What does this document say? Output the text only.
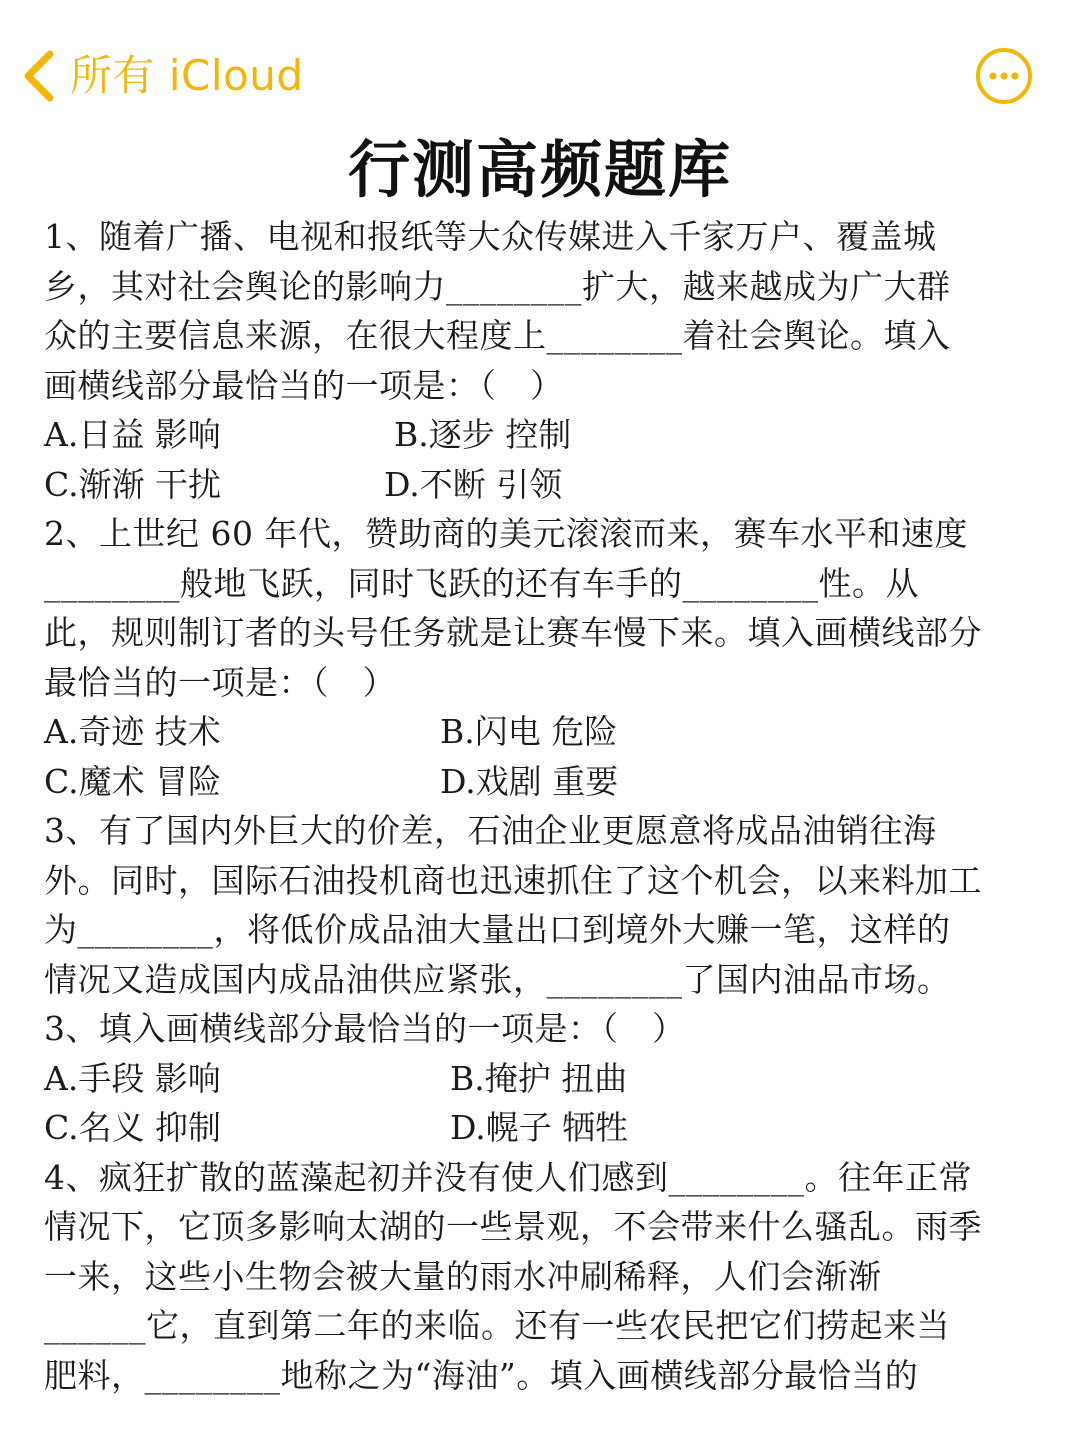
所有 iCloud
行测高频题库
1、随着广播、电视和报纸等大众传媒进入千家万户、覆盖城
乡，其对社会舆论的影响力________扩大，越来越成为广大群
众的主要信息来源，在很大程度上________着社会舆论。填入
画横线部分最恰当的一项是：（　）
A.日益 影响	B.逐步 控制
C.渐渐 干扰	D.不断 引领
2、上世纪 60 年代，赞助商的美元滚滚而来，赛车水平和速度
________般地飞跃，同时飞跃的还有车手的________性。从
此，规则制订者的头号任务就是让赛车慢下来。填入画横线部分
最恰当的一项是：（　）
A.奇迹 技术	B.闪电 危险
C.魔术 冒险	D.戏剧 重要
3、有了国内外巨大的价差，石油企业更愿意将成品油销往海
外。同时，国际石油投机商也迅速抓住了这个机会，以来料加工
为________，将低价成品油大量出口到境外大赚一笔，这样的
情况又造成国内成品油供应紧张，________了国内油品市场。
3、填入画横线部分最恰当的一项是：（　）
A.手段 影响	B.掩护 扭曲
C.名义 抑制	D.幌子 牺牲
4、疯狂扩散的蓝藻起初并没有使人们感到________。往年正常
情况下，它顶多影响太湖的一些景观，不会带来什么骚乱。雨季
一来，这些小生物会被大量的雨水冲刷稀释，人们会渐渐
______它，直到第二年的来临。还有一些农民把它们捞起来当
肥料，________地称之为“海油”。填入画横线部分最恰当的
